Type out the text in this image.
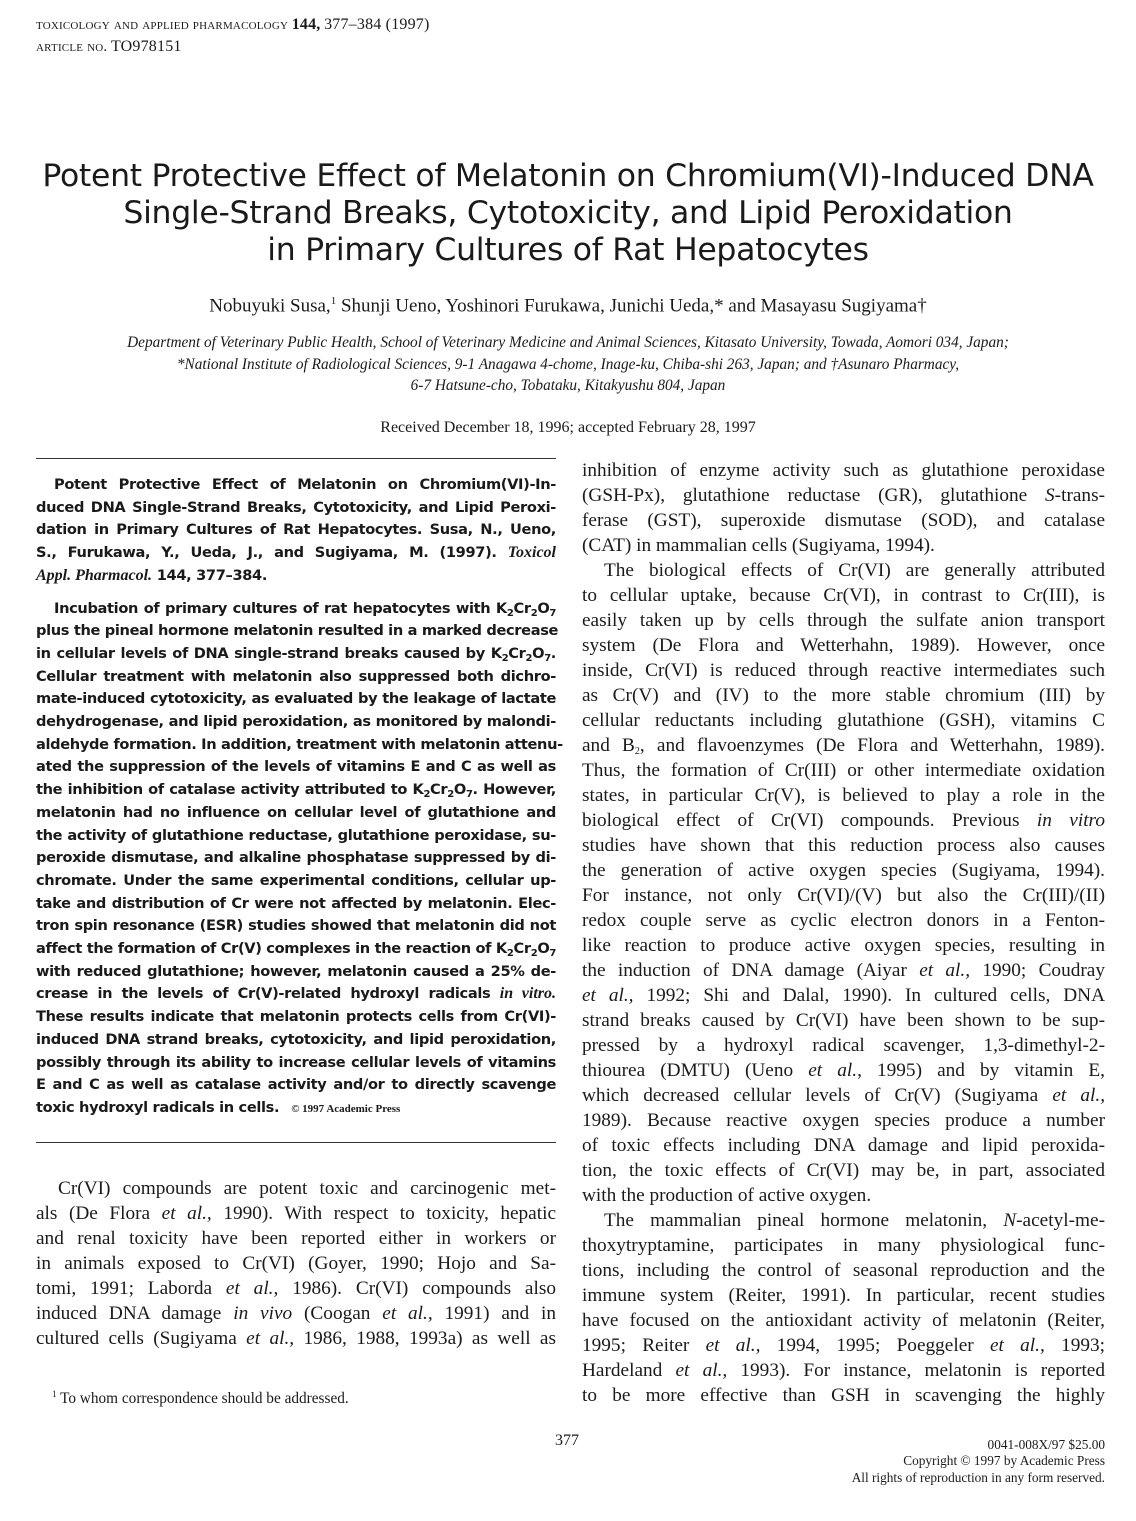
toxicology and applied pharmacology 144, 377–384 (1997)
article no. TO978151
Potent Protective Effect of Melatonin on Chromium(VI)-Induced DNA
Single-Strand Breaks, Cytotoxicity, and Lipid Peroxidation
in Primary Cultures of Rat Hepatocytes
Nobuyuki Susa,$^1$ Shunji Ueno, Yoshinori Furukawa, Junichi Ueda,* and Masayasu Sugiyama†
Department of Veterinary Public Health, School of Veterinary Medicine and Animal Sciences, Kitasato University, Towada, Aomori 034, Japan;
*National Institute of Radiological Sciences, 9-1 Anagawa 4-chome, Inage-ku, Chiba-shi 263, Japan; and †Asunaro Pharmacy,
6-7 Hatsune-cho, Tobataku, Kitakyushu 804, Japan
Received December 18, 1996; accepted February 28, 1997
Potent Protective Effect of Melatonin on Chromium(VI)-In-
duced DNA Single-Strand Breaks, Cytotoxicity, and Lipid Peroxi-
dation in Primary Cultures of Rat Hepatocytes. Susa, N., Ueno,
S., Furukawa, Y., Ueda, J., and Sugiyama, M. (1997). Toxicol
Appl. Pharmacol. 144, 377–384.
Incubation of primary cultures of rat hepatocytes with $K_2Cr_2O_7$
plus the pineal hormone melatonin resulted in a marked decrease
in cellular levels of DNA single-strand breaks caused by $K_2Cr_2O_7$.
Cellular treatment with melatonin also suppressed both dichro-
mate-induced cytotoxicity, as evaluated by the leakage of lactate
dehydrogenase, and lipid peroxidation, as monitored by malondi-
aldehyde formation. In addition, treatment with melatonin attenu-
ated the suppression of the levels of vitamins E and C as well as
the inhibition of catalase activity attributed to $K_2Cr_2O_7$. However,
melatonin had no influence on cellular level of glutathione and
the activity of glutathione reductase, glutathione peroxidase, su-
peroxide dismutase, and alkaline phosphatase suppressed by di-
chromate. Under the same experimental conditions, cellular up-
take and distribution of Cr were not affected by melatonin. Elec-
tron spin resonance (ESR) studies showed that melatonin did not
affect the formation of Cr(V) complexes in the reaction of $K_2Cr_2O_7$
with reduced glutathione; however, melatonin caused a 25% de-
crease in the levels of Cr(V)-related hydroxyl radicals in vitro.
These results indicate that melatonin protects cells from Cr(VI)-
induced DNA strand breaks, cytotoxicity, and lipid peroxidation,
possibly through its ability to increase cellular levels of vitamins
E and C as well as catalase activity and/or to directly scavenge
toxic hydroxyl radicals in cells. © 1997 Academic Press
Cr(VI) compounds are potent toxic and carcinogenic met-
als (De Flora et al., 1990). With respect to toxicity, hepatic
and renal toxicity have been reported either in workers or
in animals exposed to Cr(VI) (Goyer, 1990; Hojo and Sa-
tomi, 1991; Laborda et al., 1986). Cr(VI) compounds also
induced DNA damage in vivo (Coogan et al., 1991) and in
cultured cells (Sugiyama et al., 1986, 1988, 1993a) as well as
$^1$ To whom correspondence should be addressed.
inhibition of enzyme activity such as glutathione peroxidase
(GSH-Px), glutathione reductase (GR), glutathione S-trans-
ferase (GST), superoxide dismutase (SOD), and catalase
(CAT) in mammalian cells (Sugiyama, 1994).
The biological effects of Cr(VI) are generally attributed
to cellular uptake, because Cr(VI), in contrast to Cr(III), is
easily taken up by cells through the sulfate anion transport
system (De Flora and Wetterhahn, 1989). However, once
inside, Cr(VI) is reduced through reactive intermediates such
as Cr(V) and (IV) to the more stable chromium (III) by
cellular reductants including glutathione (GSH), vitamins C
and $B_2$, and flavoenzymes (De Flora and Wetterhahn, 1989).
Thus, the formation of Cr(III) or other intermediate oxidation
states, in particular Cr(V), is believed to play a role in the
biological effect of Cr(VI) compounds. Previous in vitro
studies have shown that this reduction process also causes
the generation of active oxygen species (Sugiyama, 1994).
For instance, not only Cr(VI)/(V) but also the Cr(III)/(II)
redox couple serve as cyclic electron donors in a Fenton-
like reaction to produce active oxygen species, resulting in
the induction of DNA damage (Aiyar et al., 1990; Coudray
et al., 1992; Shi and Dalal, 1990). In cultured cells, DNA
strand breaks caused by Cr(VI) have been shown to be sup-
pressed by a hydroxyl radical scavenger, 1,3-dimethyl-2-
thiourea (DMTU) (Ueno et al., 1995) and by vitamin E,
which decreased cellular levels of Cr(V) (Sugiyama et al.,
1989). Because reactive oxygen species produce a number
of toxic effects including DNA damage and lipid peroxida-
tion, the toxic effects of Cr(VI) may be, in part, associated
with the production of active oxygen.
The mammalian pineal hormone melatonin, N-acetyl-me-
thoxytryptamine, participates in many physiological func-
tions, including the control of seasonal reproduction and the
immune system (Reiter, 1991). In particular, recent studies
have focused on the antioxidant activity of melatonin (Reiter,
1995; Reiter et al., 1994, 1995; Poeggeler et al., 1993;
Hardeland et al., 1993). For instance, melatonin is reported
to be more effective than GSH in scavenging the highly
377	0041-008X/97 $25.00
Copyright © 1997 by Academic Press
All rights of reproduction in any form reserved.
